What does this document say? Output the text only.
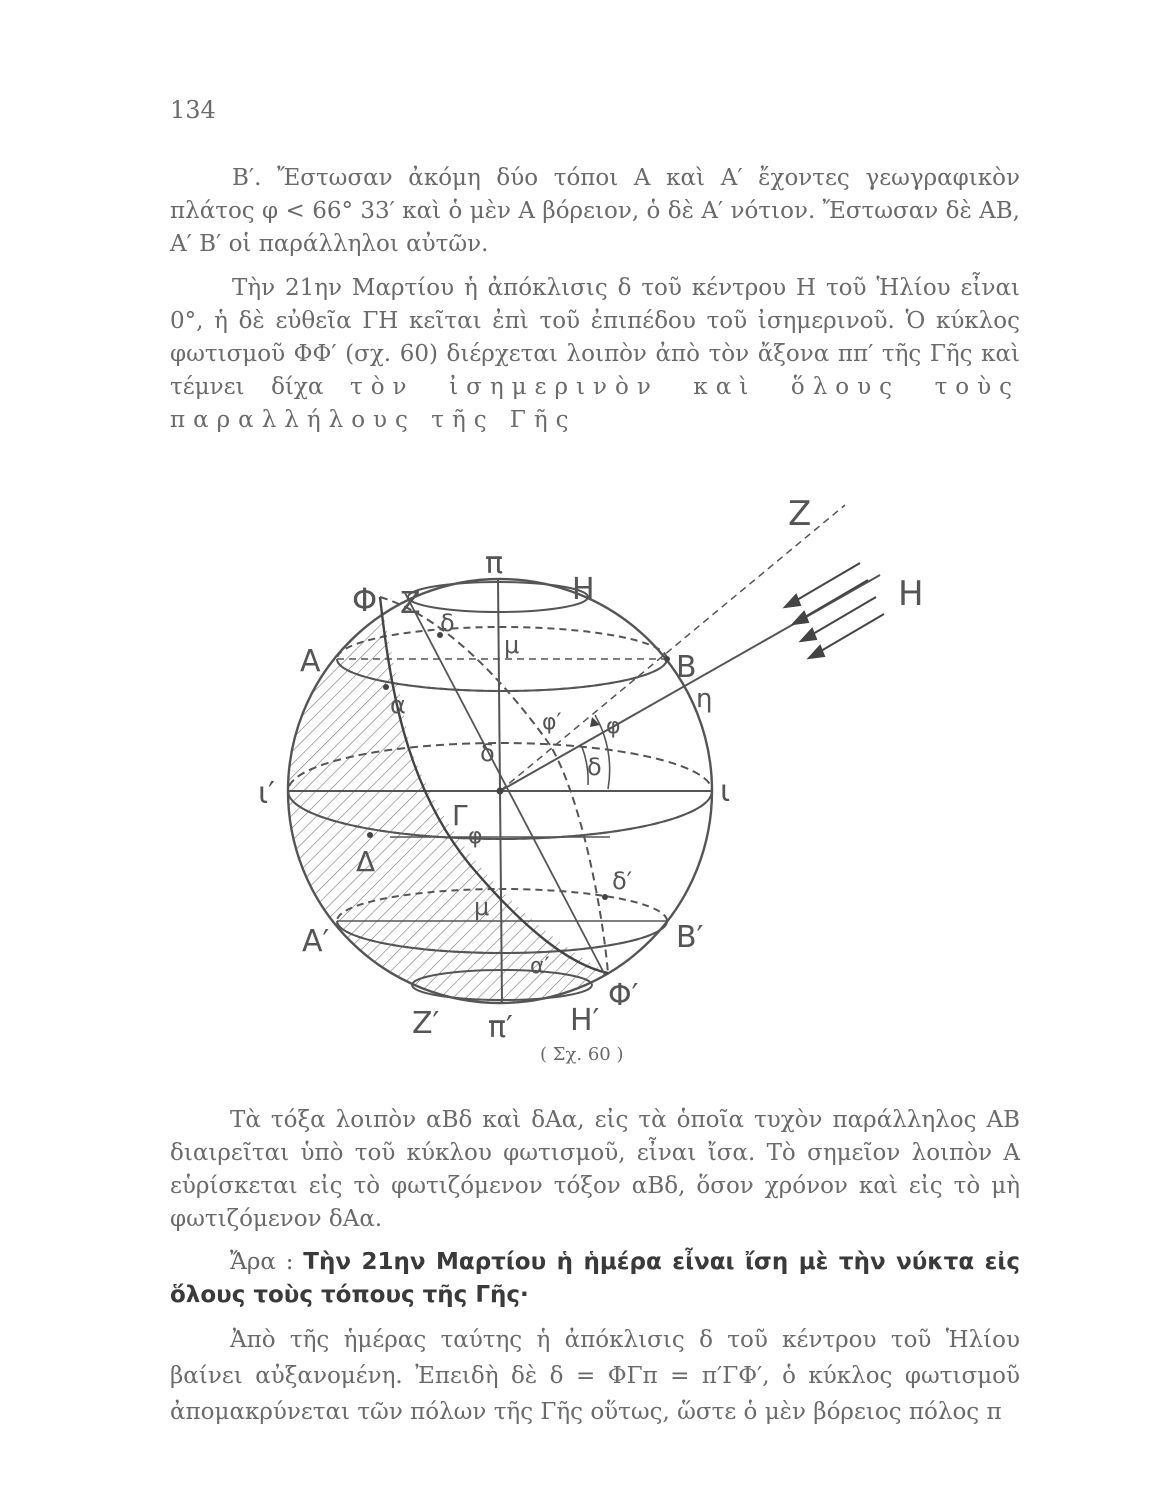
134

Β′. Ἔστωσαν ἀκόμη δύο τόποι Α καὶ Α′ ἔχοντες γεωγραφικὸν πλάτος φ < 66° 33′ καὶ ὁ μὲν Α βόρειον, ὁ δὲ Α′ νότιον. Ἔστωσαν δὲ ΑΒ, Α′ Β′ οἱ παράλληλοι αὐτῶν.

Τὴν 21ην Μαρτίου ἡ ἀπόκλισις δ τοῦ κέντρου Η τοῦ Ἡλίου εἶναι 0°, ἡ δὲ εὐθεῖα ΓΗ κεῖται ἐπὶ τοῦ ἐπιπέδου τοῦ ἰσημερινοῦ. Ὁ κύκλος φωτισμοῦ ΦΦ′ (σχ. 60) διέρχεται λοιπὸν ἀπὸ τὸν ἄξονα ππ′ τῆς Γῆς καὶ τέμνει δίχα τὸν ἰσημερινὸν καὶ ὅλους τοὺς παραλλήλους τῆς Γῆς

π
π′
Ζ
Ζ′
Ζ
Η
Η′
Η
η
Φ
Φ′
Α
Α′
Β
Β′
ι
ι′
Γ
Δ
δ
δ
δ′
δ
α
α′
μ
μ
φ
φ′ φ
( Σχ. 60 )

Τὰ τόξα λοιπὸν αΒδ καὶ δΑα, εἰς τὰ ὁποῖα τυχὸν παράλληλος ΑΒ διαιρεῖται ὑπὸ τοῦ κύκλου φωτισμοῦ, εἶναι ἴσα. Τὸ σημεῖον λοιπὸν Α εὑρίσκεται εἰς τὸ φωτιζόμενον τόξον αΒδ, ὅσον χρόνον καὶ εἰς τὸ μὴ φωτιζόμενον δΑα.

Ἄρα : Τὴν 21ην Μαρτίου ἡ ἡμέρα εἶναι ἴση μὲ τὴν νύκτα εἰς ὅλους τοὺς τόπους τῆς Γῆς·

Ἀπὸ τῆς ἡμέρας ταύτης ἡ ἀπόκλισις δ τοῦ κέντρου τοῦ Ἡλίου βαίνει αὐξανομένη. Ἐπειδὴ δὲ δ = ΦΓπ = π′ΓΦ′, ὁ κύκλος φωτισμοῦ ἀπομακρύνεται τῶν πόλων τῆς Γῆς οὕτως, ὥστε ὁ μὲν βόρειος πόλος π
